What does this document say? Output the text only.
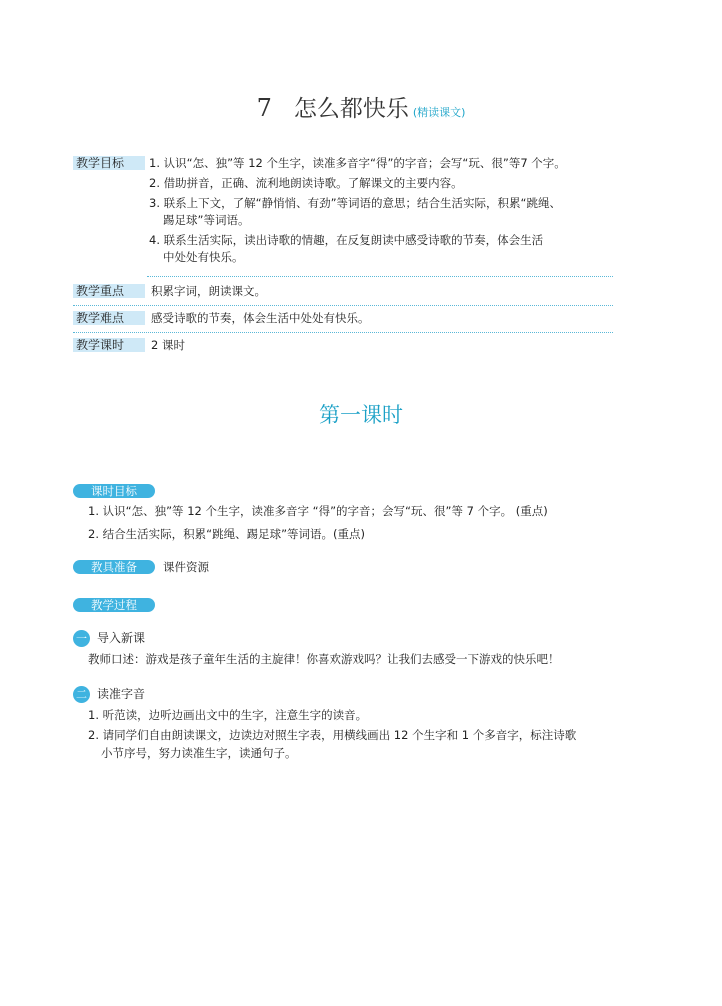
7 怎么都快乐 (精读课文)
教学目标	1. 认识“怎、独”等 12 个生字，读准多音字“得”的字音；会写“玩、很”等7 个字。
2. 借助拼音，正确、流利地朗读诗歌。了解课文的主要内容。
3. 联系上下文，了解“静悄悄、有劲”等词语的意思；结合生活实际，积累“跳绳、
踢足球”等词语。
4. 联系生活实际，读出诗歌的情趣，在反复朗读中感受诗歌的节奏，体会生活
中处处有快乐。
教学重点	积累字词，朗读课文。
教学难点	感受诗歌的节奏，体会生活中处处有快乐。
教学课时	2 课时
第一课时
课时目标
1. 认识“怎、独”等 12 个生字，读准多音字 “得”的字音；会写“玩、很”等 7 个字。 (重点)
2. 结合生活实际，积累“跳绳、踢足球”等词语。(重点)
教具准备	课件资源
教学过程
一 导入新课
教师口述：游戏是孩子童年生活的主旋律！你喜欢游戏吗？让我们去感受一下游戏的快乐吧！
二 读准字音
1. 听范读，边听边画出文中的生字，注意生字的读音。
2. 请同学们自由朗读课文，边读边对照生字表，用横线画出 12 个生字和 1 个多音字，标注诗歌
小节序号，努力读准生字，读通句子。
